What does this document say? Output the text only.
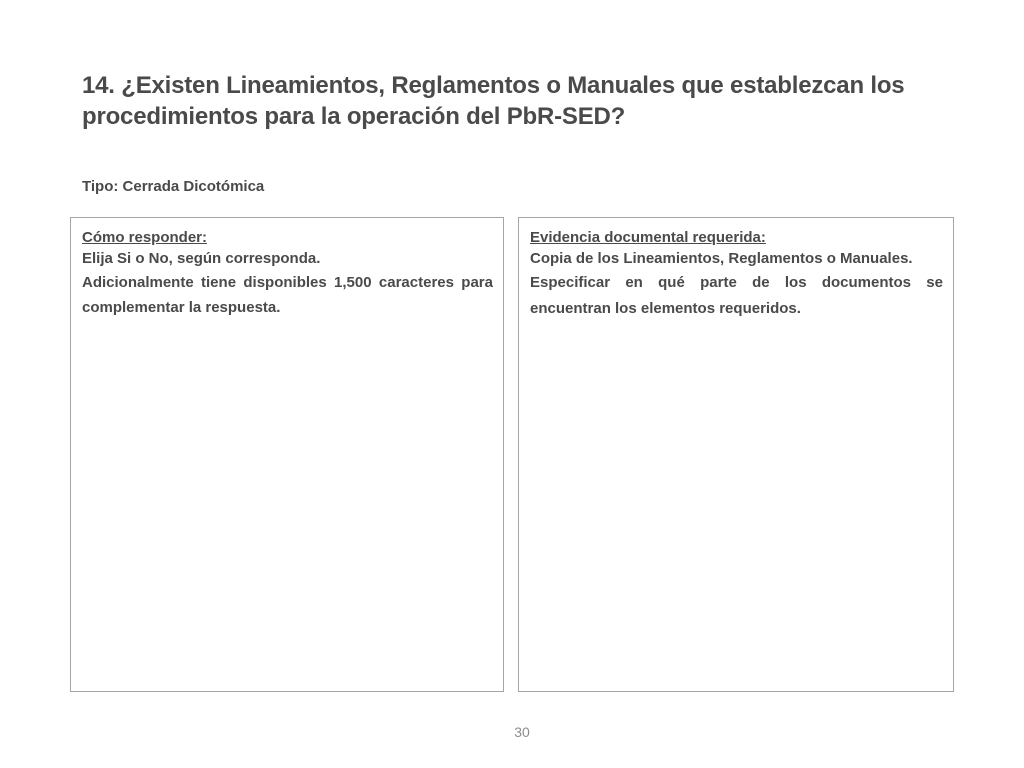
14. ¿Existen Lineamientos, Reglamentos o Manuales que establezcan los procedimientos para la operación del PbR-SED?

Tipo: Cerrada Dicotómica

Cómo responder:

Elija Si o No, según corresponda.

Adicionalmente tiene disponibles 1,500 caracteres para complementar la respuesta.

Evidencia documental requerida:

Copia de los Lineamientos, Reglamentos o Manuales.

Especificar en qué parte de los documentos se encuentran los elementos requeridos.

30
